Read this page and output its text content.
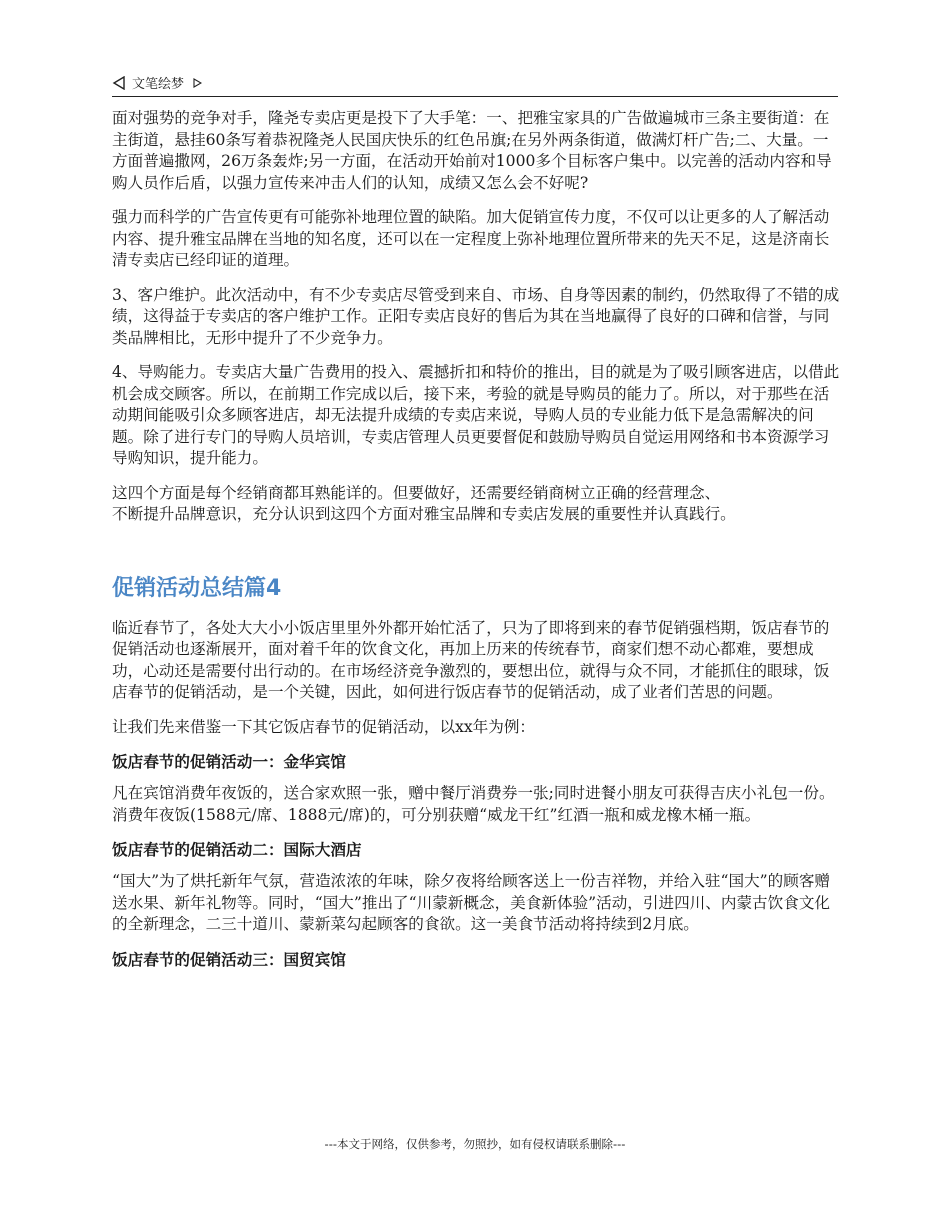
文笔绘梦

面对强势的竞争对手，隆尧专卖店更是投下了大手笔：一、把雅宝家具的广告做遍城市三条主要街道：在主街道，悬挂60条写着恭祝隆尧人民国庆快乐的红色吊旗;在另外两条街道，做满灯杆广告;二、大量。一方面普遍撒网，26万条轰炸;另一方面，在活动开始前对1000多个目标客户集中。以完善的活动内容和导购人员作后盾，以强力宣传来冲击人们的认知，成绩又怎么会不好呢?

强力而科学的广告宣传更有可能弥补地理位置的缺陷。加大促销宣传力度，不仅可以让更多的人了解活动内容、提升雅宝品牌在当地的知名度，还可以在一定程度上弥补地理位置所带来的先天不足，这是济南长清专卖店已经印证的道理。

3、客户维护。此次活动中，有不少专卖店尽管受到来自、市场、自身等因素的制约，仍然取得了不错的成绩，这得益于专卖店的客户维护工作。正阳专卖店良好的售后为其在当地赢得了良好的口碑和信誉，与同类品牌相比，无形中提升了不少竞争力。

4、导购能力。专卖店大量广告费用的投入、震撼折扣和特价的推出，目的就是为了吸引顾客进店，以借此机会成交顾客。所以，在前期工作完成以后，接下来，考验的就是导购员的能力了。所以，对于那些在活动期间能吸引众多顾客进店，却无法提升成绩的专卖店来说，导购人员的专业能力低下是急需解决的问题。除了进行专门的导购人员培训，专卖店管理人员更要督促和鼓励导购员自觉运用网络和书本资源学习导购知识，提升能力。

这四个方面是每个经销商都耳熟能详的。但要做好，还需要经销商树立正确的经营理念、
不断提升品牌意识，充分认识到这四个方面对雅宝品牌和专卖店发展的重要性并认真践行。

促销活动总结篇4

临近春节了，各处大大小小饭店里里外外都开始忙活了，只为了即将到来的春节促销强档期，饭店春节的促销活动也逐渐展开，面对着千年的饮食文化，再加上历来的传统春节，商家们想不动心都难，要想成功，心动还是需要付出行动的。在市场经济竞争激烈的，要想出位，就得与众不同，才能抓住的眼球，饭店春节的促销活动，是一个关键，因此，如何进行饭店春节的促销活动，成了业者们苦思的问题。

让我们先来借鉴一下其它饭店春节的促销活动，以xx年为例：

饭店春节的促销活动一：金华宾馆

凡在宾馆消费年夜饭的，送合家欢照一张，赠中餐厅消费券一张;同时进餐小朋友可获得吉庆小礼包一份。消费年夜饭(1588元/席、1888元/席)的，可分别获赠“威龙干红”红酒一瓶和威龙橡木桶一瓶。

饭店春节的促销活动二：国际大酒店

“国大”为了烘托新年气氛，营造浓浓的年味，除夕夜将给顾客送上一份吉祥物，并给入驻“国大”的顾客赠送水果、新年礼物等。同时，“国大”推出了“川蒙新概念，美食新体验”活动，引进四川、内蒙古饮食文化的全新理念，二三十道川、蒙新菜勾起顾客的食欲。这一美食节活动将持续到2月底。

饭店春节的促销活动三：国贸宾馆
---本文于网络，仅供参考，勿照抄，如有侵权请联系删除---
